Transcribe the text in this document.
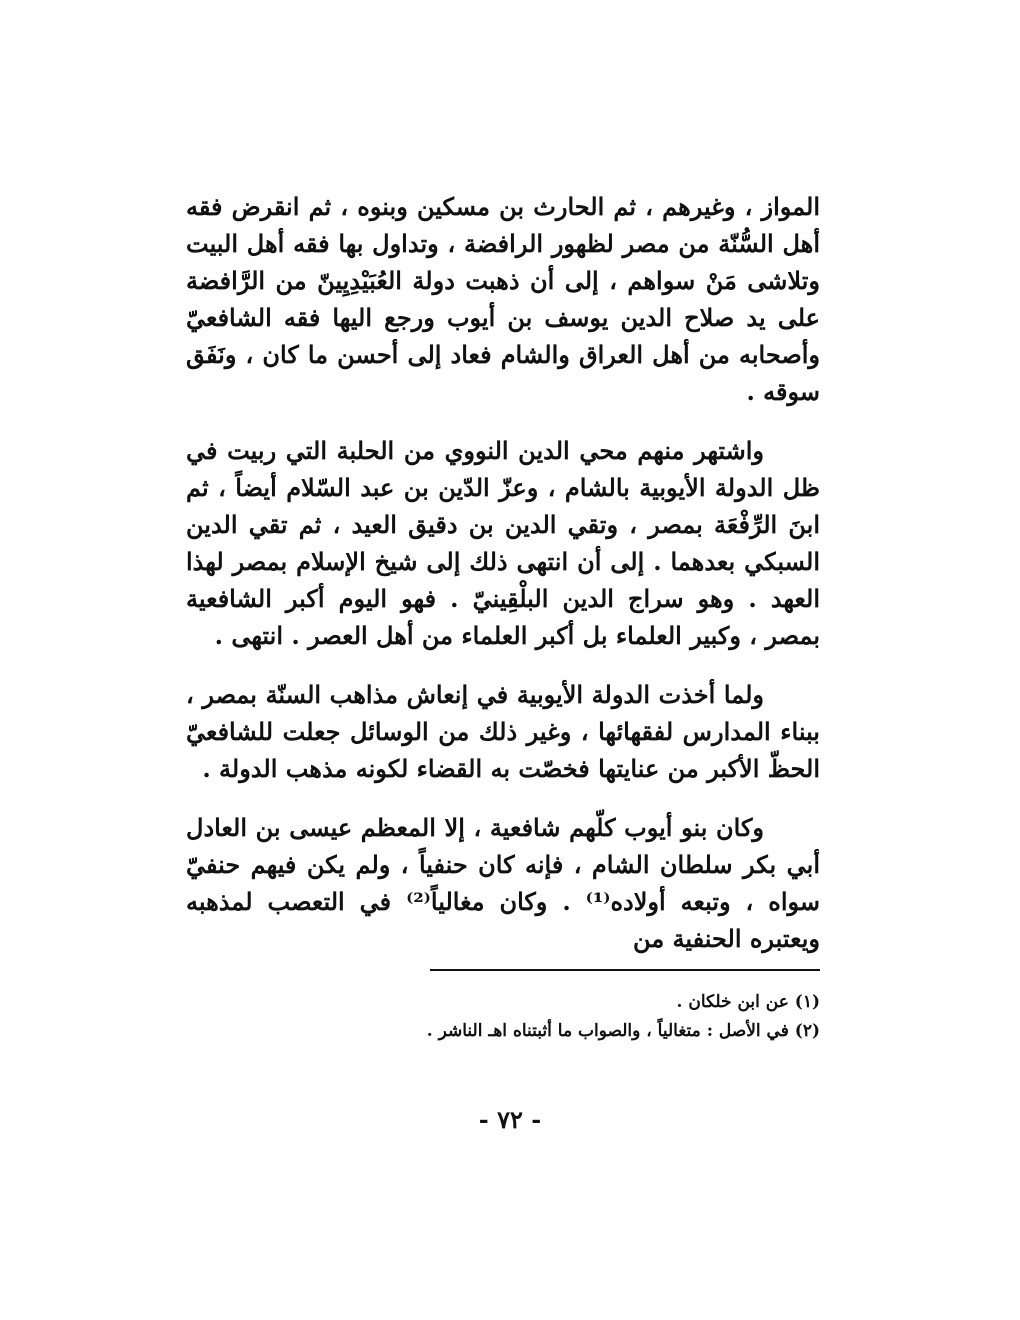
المواز ، وغيرهم ، ثم الحارث بن مسكين وبنوه ، ثم انقرض فقه أهل السُّنّة من مصر لظهور الرافضة ، وتداول بها فقه أهل البيت وتلاشى مَنْ سواهم ، إلى أن ذهبت دولة العُبَيْدِيِينّ من الرَّافضة على يد صلاح الدين يوسف بن أيوب ورجع اليها فقه الشافعيّ وأصحابه من أهل العراق والشام فعاد إلى أحسن ما كان ، ونَفَق سوقه .

واشتهر منهم محي الدين النووي من الحلبة التي ربيت في ظل الدولة الأيوبية بالشام ، وعزّ الدّين بن عبد السّلام أيضاً ، ثم ابنَ الرِّفْعَة بمصر ، وتقي الدين بن دقيق العيد ، ثم تقي الدين السبكي بعدهما . إلى أن انتهى ذلك إلى شيخ الإسلام بمصر لهذا العهد . وهو سراج الدين البلْقِينيّ . فهو اليوم أكبر الشافعية بمصر ، وكبير العلماء بل أكبر العلماء من أهل العصر . انتهى .

ولما أخذت الدولة الأيوبية في إنعاش مذاهب السنّة بمصر ، ببناء المدارس لفقهائها ، وغير ذلك من الوسائل جعلت للشافعيّ الحظّ الأكبر من عنايتها فخصّت به القضاء لكونه مذهب الدولة .

وكان بنو أيوب كلّهم شافعية ، إلا المعظم عيسى بن العادل أبي بكر سلطان الشام ، فإنه كان حنفياً ، ولم يكن فيهم حنفيّ سواه ، وتبعه أولاده⁽¹⁾ . وكان مغالياً⁽²⁾ في التعصب لمذهبه ويعتبره الحنفية من

(١) عن ابن خلكان .

(٢) في الأصل : متغالياً ، والصواب ما أثبتناه اهـ الناشر .

- ٧٢ -
